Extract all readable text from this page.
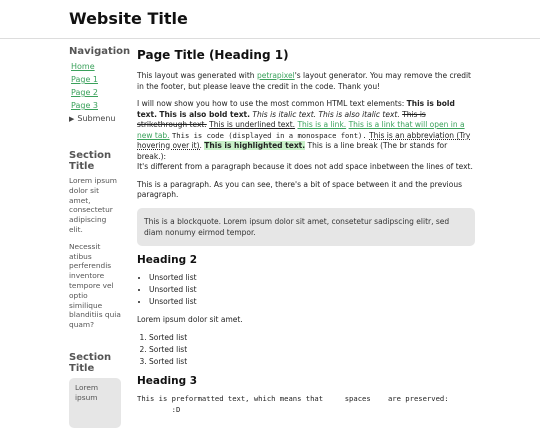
Website Title
Navigation
Home
Page 1
Page 2
Page 3
▶ Submenu
Section Title

Lorem ipsum dolor sit amet, consectetur adipiscing elit.

Necessit atibus perferendis inventore tempore vel optio similique blanditiis quia quam?

Section Title
Lorem ipsum
Page Title (Heading 1)

This layout was generated with petrapixel's layout generator. You may remove the credit in the footer, but please leave the credit in the code. Thank you!

I will now show you how to use the most common HTML text elements: This is bold text. This is also bold text. This is italic text. This is also italic text. This is strikethrough text. This is underlined text. This is a link. This is a link that will open in a new tab. This is code (displayed in a monospace font). This is an abbreviation (Try hovering over it). This is highlighted text. This is a line break (The br stands for break.):
It's different from a paragraph because it does not add space inbetween the lines of text.

This is a paragraph. As you can see, there's a bit of space between it and the previous paragraph.

This is a blockquote. Lorem ipsum dolor sit amet, consetetur sadipscing elitr, sed diam nonumy eirmod tempor.
Heading 2
• Unsorted list
• Unsorted list
• Unsorted list

Lorem ipsum dolor sit amet.

1. Sorted list
2. Sorted list
3. Sorted list
Heading 3
This is preformatted text, which means that     spaces    are preserved:
:D
